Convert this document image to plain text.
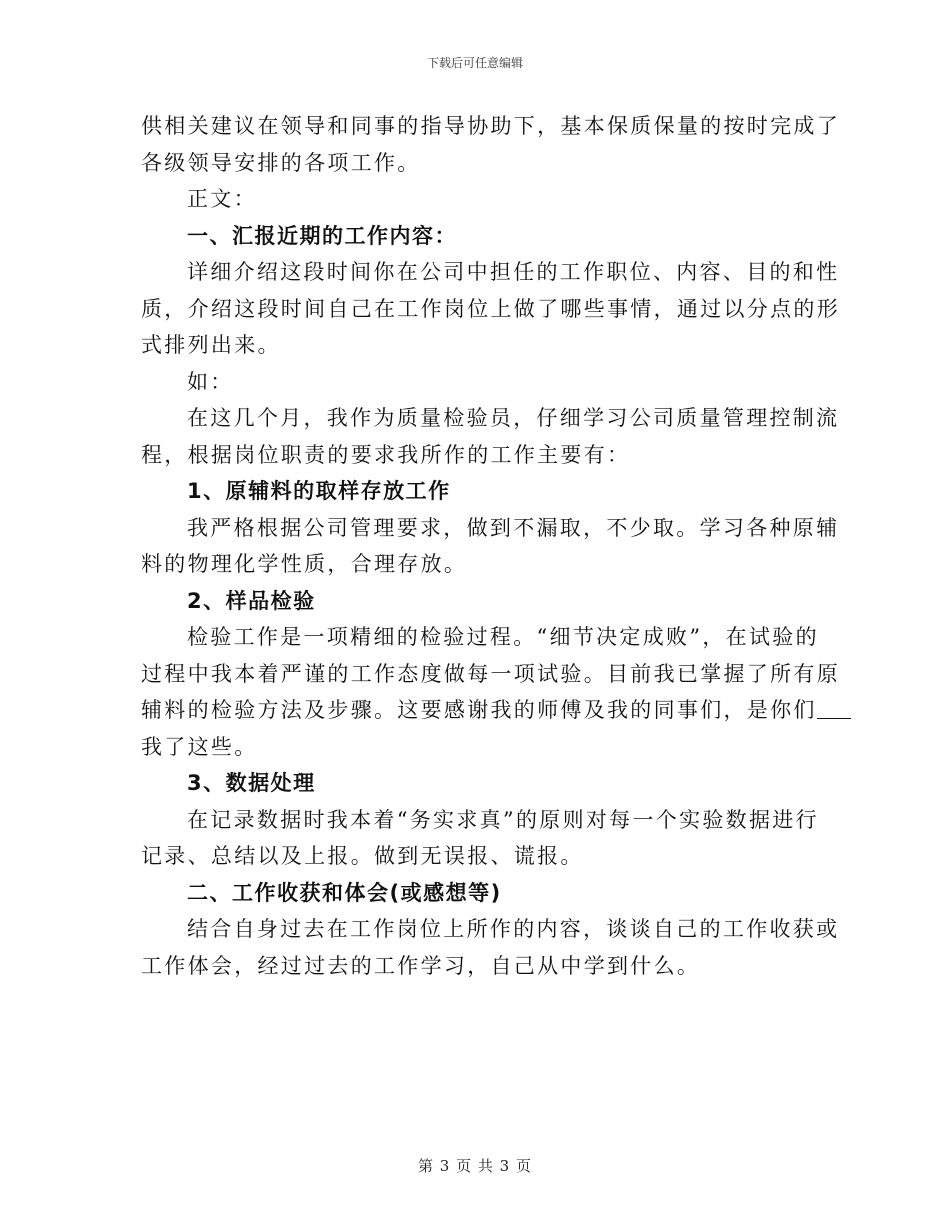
下载后可任意编辑
供相关建议在领导和同事的指导协助下，基本保质保量的按时完成了
各级领导安排的各项工作。
正文：
一、汇报近期的工作内容：
详细介绍这段时间你在公司中担任的工作职位、内容、目的和性
质，介绍这段时间自己在工作岗位上做了哪些事情，通过以分点的形
式排列出来。
如：
在这几个月，我作为质量检验员，仔细学习公司质量管理控制流
程，根据岗位职责的要求我所作的工作主要有：
1、原辅料的取样存放工作
我严格根据公司管理要求，做到不漏取，不少取。学习各种原辅
料的物理化学性质，合理存放。
2、样品检验
检验工作是一项精细的检验过程。“细节决定成败”，在试验的
过程中我本着严谨的工作态度做每一项试验。目前我已掌握了所有原
辅料的检验方法及步骤。这要感谢我的师傅及我的同事们，是你们
我了这些。
3、数据处理
在记录数据时我本着“务实求真”的原则对每一个实验数据进行
记录、总结以及上报。做到无误报、谎报。
二、工作收获和体会(或感想等)
结合自身过去在工作岗位上所作的内容，谈谈自己的工作收获或
工作体会，经过过去的工作学习，自己从中学到什么。
第 3 页 共 3 页
